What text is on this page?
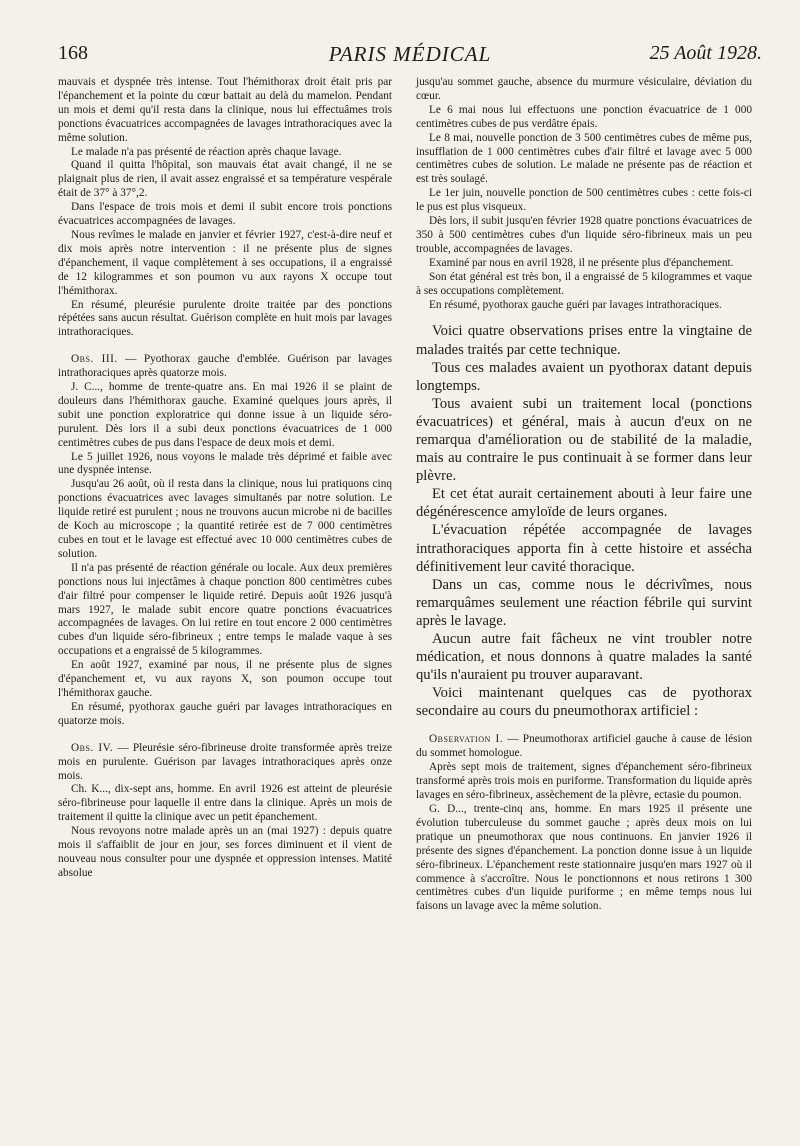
168	PARIS MÉDICAL	25 Août 1928.

mauvais et dyspnée très intense. Tout l'hémithorax droit était pris par l'épanchement et la pointe du cœur battait au delà du mamelon. Pendant un mois et demi qu'il resta dans la clinique, nous lui effectuâmes trois ponctions évacuatrices accompagnées de lavages intrathoraciques avec la même solution.

Le malade n'a pas présenté de réaction après chaque lavage.

Quand il quitta l'hôpital, son mauvais état avait changé, il ne se plaignait plus de rien, il avait assez engraissé et sa température vespérale était de 37° à 37°,2.

Dans l'espace de trois mois et demi il subit encore trois ponctions évacuatrices accompagnées de lavages.

Nous revîmes le malade en janvier et février 1927, c'est-à-dire neuf et dix mois après notre intervention : il ne présente plus de signes d'épanchement, il vaque complètement à ses occupations, il a engraissé de 12 kilogrammes et son poumon vu aux rayons X occupe tout l'hémithorax.

En résumé, pleurésie purulente droite traitée par des ponctions répétées sans aucun résultat. Guérison complète en huit mois par lavages intrathoraciques.

Obs. III. — Pyothorax gauche d'emblée. Guérison par lavages intrathoraciques après quatorze mois.

J. C..., homme de trente-quatre ans. En mai 1926 il se plaint de douleurs dans l'hémithorax gauche. Examiné quelques jours après, il subit une ponction exploratrice qui donne issue à un liquide séro-purulent. Dès lors il a subi deux ponctions évacuatrices de 1 000 centimètres cubes de pus dans l'espace de deux mois et demi.

Le 5 juillet 1926, nous voyons le malade très déprimé et faible avec une dyspnée intense.

Jusqu'au 26 août, où il resta dans la clinique, nous lui pratiquons cinq ponctions évacuatrices avec lavages simultanés par notre solution. Le liquide retiré est purulent ; nous ne trouvons aucun microbe ni de bacilles de Koch au microscope ; la quantité retirée est de 7 000 centimètres cubes en tout et le lavage est effectué avec 10 000 centimètres cubes de solution.

Il n'a pas présenté de réaction générale ou locale. Aux deux premières ponctions nous lui injectâmes à chaque ponction 800 centimètres cubes d'air filtré pour compenser le liquide retiré. Depuis août 1926 jusqu'à mars 1927, le malade subit encore quatre ponctions évacuatrices accompagnées de lavages. On lui retire en tout encore 2 000 centimètres cubes d'un liquide séro-fibrineux ; entre temps le malade vaque à ses occupations et a engraissé de 5 kilogrammes.

En août 1927, examiné par nous, il ne présente plus de signes d'épanchement et, vu aux rayons X, son poumon occupe tout l'hémithorax gauche.

En résumé, pyothorax gauche guéri par lavages intrathoraciques en quatorze mois.

Obs. IV. — Pleurésie séro-fibrineuse droite transformée après treize mois en purulente. Guérison par lavages intrathoraciques après onze mois.

Ch. K..., dix-sept ans, homme. En avril 1926 est atteint de pleurésie séro-fibrineuse pour laquelle il entre dans la clinique. Après un mois de traitement il quitte la clinique avec un petit épanchement.

Nous revoyons notre malade après un an (mai 1927) : depuis quatre mois il s'affaiblit de jour en jour, ses forces diminuent et il vient de nouveau nous consulter pour une dyspnée et oppression intenses. Matité absolue

jusqu'au sommet gauche, absence du murmure vésiculaire, déviation du cœur.

Le 6 mai nous lui effectuons une ponction évacuatrice de 1 000 centimètres cubes de pus verdâtre épais.

Le 8 mai, nouvelle ponction de 3 500 centimètres cubes de même pus, insufflation de 1 000 centimètres cubes d'air filtré et lavage avec 5 000 centimètres cubes de solution. Le malade ne présente pas de réaction et est très soulagé.

Le 1er juin, nouvelle ponction de 500 centimètres cubes : cette fois-ci le pus est plus visqueux.

Dès lors, il subit jusqu'en février 1928 quatre ponctions évacuatrices de 350 à 500 centimètres cubes d'un liquide séro-fibrineux mais un peu trouble, accompagnées de lavages.

Examiné par nous en avril 1928, il ne présente plus d'épanchement.

Son état général est très bon, il a engraissé de 5 kilogrammes et vaque à ses occupations complètement.

En résumé, pyothorax gauche guéri par lavages intrathoraciques.

Voici quatre observations prises entre la vingtaine de malades traités par cette technique.

Tous ces malades avaient un pyothorax datant depuis longtemps.

Tous avaient subi un traitement local (ponctions évacuatrices) et général, mais à aucun d'eux on ne remarqua d'amélioration ou de stabilité de la maladie, mais au contraire le pus continuait à se former dans leur plèvre.

Et cet état aurait certainement abouti à leur faire une dégénérescence amyloïde de leurs organes.

L'évacuation répétée accompagnée de lavages intrathoraciques apporta fin à cette histoire et asséchа définitivement leur cavité thoracique.

Dans un cas, comme nous le décrivîmes, nous remarquâmes seulement une réaction fébrile qui survint après le lavage.

Aucun autre fait fâcheux ne vint troubler notre médication, et nous donnons à quatre malades la santé qu'ils n'auraient pu trouver auparavant.

Voici maintenant quelques cas de pyothorax secondaire au cours du pneumothorax artificiel :

Observation I. — Pneumothorax artificiel gauche à cause de lésion du sommet homologue.

Après sept mois de traitement, signes d'épanchement séro-fibrineux transformé après trois mois en puriforme. Transformation du liquide après lavages en séro-fibrineux, assèchement de la plèvre, ectasie du poumon.

G. D..., trente-cinq ans, homme. En mars 1925 il présente une évolution tuberculeuse du sommet gauche ; après deux mois on lui pratique un pneumothorax que nous continuons. En janvier 1926 il présente des signes d'épanchement. La ponction donne issue à un liquide séro-fibrineux. L'épanchement reste stationnaire jusqu'en mars 1927 où il commence à s'accroître. Nous le ponctionnons et nous retirons 1 300 centimètres cubes d'un liquide puriforme ; en même temps nous lui faisons un lavage avec la même solution.
